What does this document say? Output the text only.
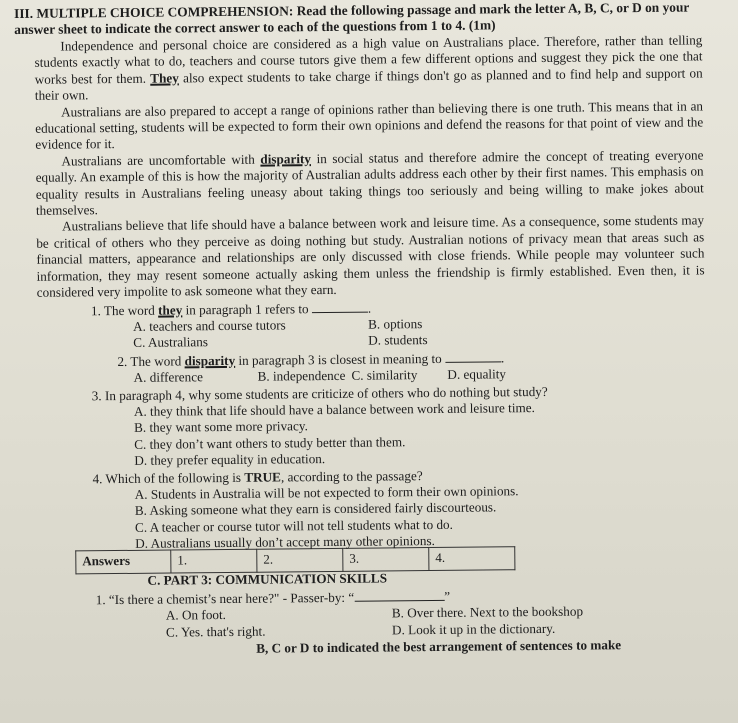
III. MULTIPLE CHOICE COMPREHENSION: Read the following passage and mark the letter A, B, C, or D on your answer sheet to indicate the correct answer to each of the questions from 1 to 4. (1m)

Independence and personal choice are considered as a high value on Australians place. Therefore, rather than telling students exactly what to do, teachers and course tutors give them a few different options and suggest they pick the one that works best for them. They also expect students to take charge if things don't go as planned and to find help and support on their own.

Australians are also prepared to accept a range of opinions rather than believing there is one truth. This means that in an educational setting, students will be expected to form their own opinions and defend the reasons for that point of view and the evidence for it.

Australians are uncomfortable with disparity in social status and therefore admire the concept of treating everyone equally. An example of this is how the majority of Australian adults address each other by their first names. This emphasis on equality results in Australians feeling uneasy about taking things too seriously and being willing to make jokes about themselves.

Australians believe that life should have a balance between work and leisure time. As a consequence, some students may be critical of others who they perceive as doing nothing but study. Australian notions of privacy mean that areas such as financial matters, appearance and relationships are only discussed with close friends. While people may volunteer such information, they may resent someone actually asking them unless the friendship is firmly established. Even then, it is considered very impolite to ask someone what they earn.

1. The word they in paragraph 1 refers to	.
A. teachers and course tutors	B. options
C. Australians	D. students
2. The word disparity in paragraph 3 is closest in meaning to	.
A. difference	B. independence C. similarity D. equality
3. In paragraph 4, why some students are criticize of others who do nothing but study?
A. they think that life should have a balance between work and leisure time.
B. they want some more privacy.
C. they don’t want others to study better than them.
D. they prefer equality in education.
4. Which of the following is TRUE, according to the passage?
A. Students in Australia will be not expected to form their own opinions.
B. Asking someone what they earn is considered fairly discourteous.
C. A teacher or course tutor will not tell students what to do.
D. Australians usually don’t accept many other opinions.
Answers	1.	2.	3.	4.
C. PART 3: COMMUNICATION SKILLS
1. “Is there a chemist’s near here?" - Passer-by: “	”
A. On foot.	B. Over there. Next to the bookshop
C. Yes. that's right.	D. Look it up in the dictionary.
B, C or D to indicated the best arrangement of sentences to make
